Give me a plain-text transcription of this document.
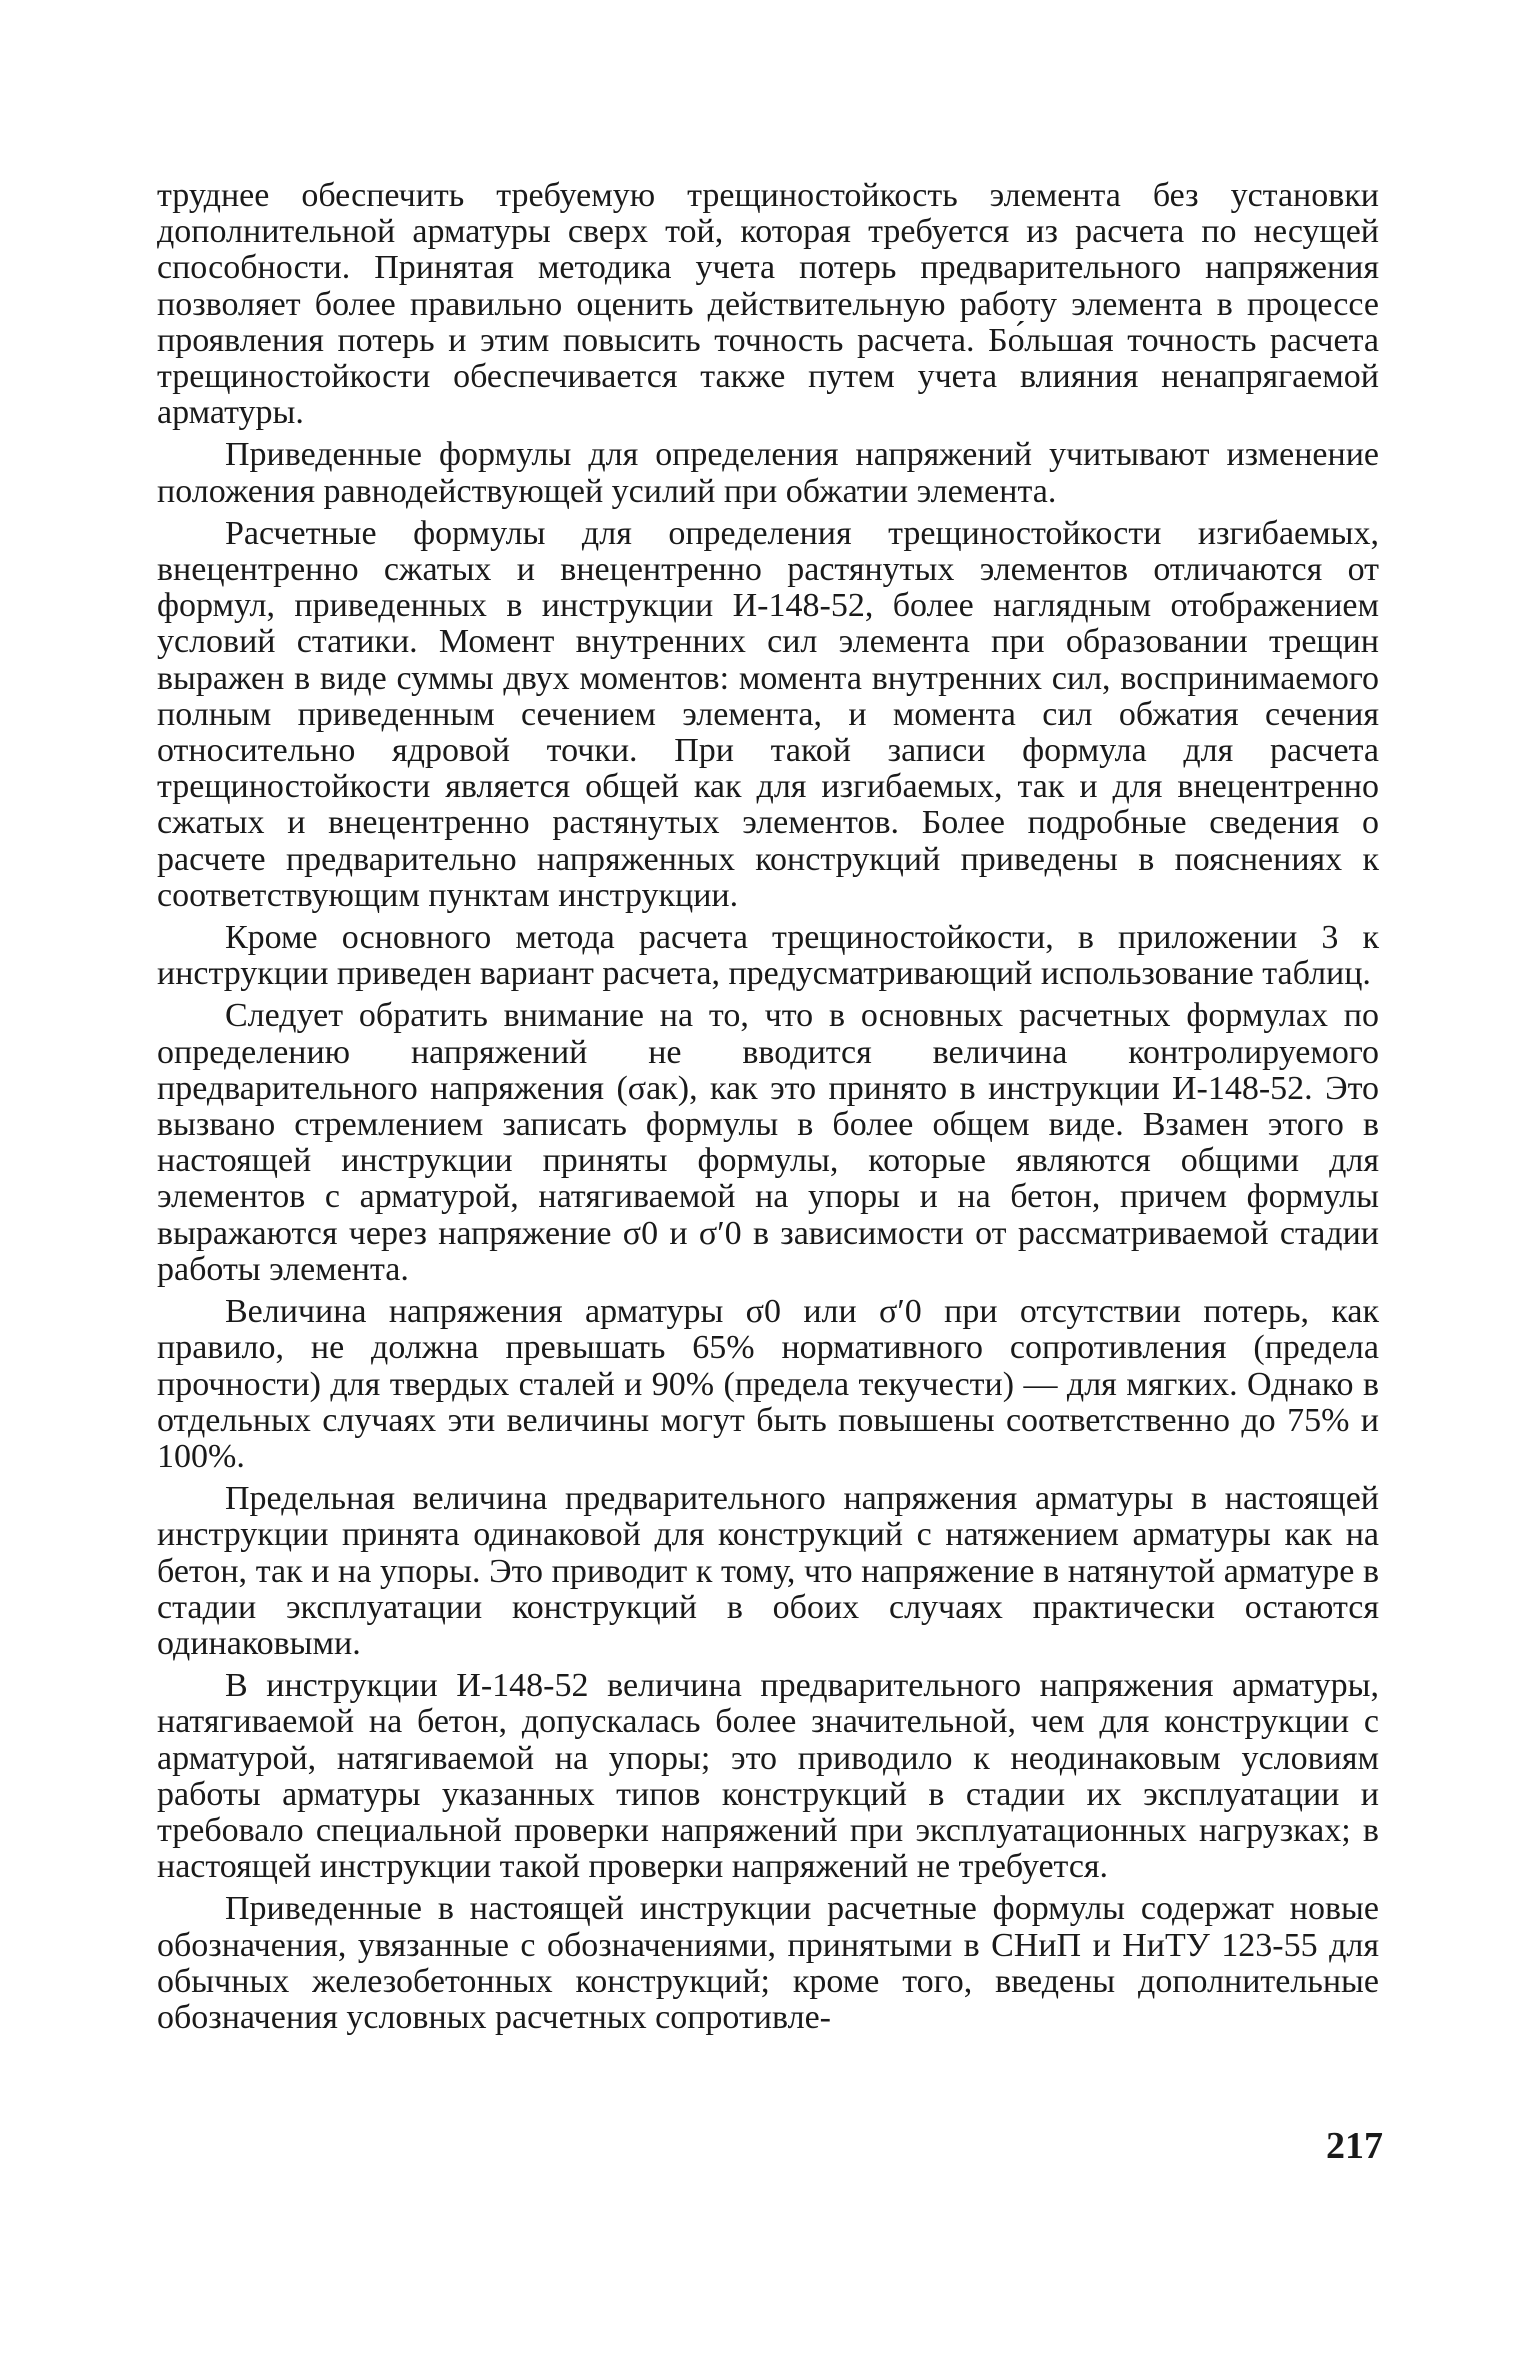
труднее обеспечить требуемую трещиностойкость элемента без установки дополнительной арматуры сверх той, которая требуется из расчета по несущей способности. Принятая методика учета потерь предварительного напряжения позволяет более правильно оценить действительную работу элемента в процессе проявления потерь и этим повысить точность расчета. Бо́льшая точность расчета трещиностойкости обеспечивается также путем учета влияния ненапрягаемой арматуры.

Приведенные формулы для определения напряжений учитывают изменение положения равнодействующей усилий при обжатии элемента.

Расчетные формулы для определения трещиностойкости изгибаемых, внецентренно сжатых и внецентренно растянутых элементов отличаются от формул, приведенных в инструкции И-148-52, более наглядным отображением условий статики. Момент внутренних сил элемента при образовании трещин выражен в виде суммы двух моментов: момента внутренних сил, воспринимаемого полным приведенным сечением элемента, и момента сил обжатия сечения относительно ядровой точки. При такой записи формула для расчета трещиностойкости является общей как для изгибаемых, так и для внецентренно сжатых и внецентренно растянутых элементов. Более подробные сведения о расчете предварительно напряженных конструкций приведены в пояснениях к соответствующим пунктам инструкции.

Кроме основного метода расчета трещиностойкости, в приложении 3 к инструкции приведен вариант расчета, предусматривающий использование таблиц.

Следует обратить внимание на то, что в основных расчетных формулах по определению напряжений не вводится величина контролируемого предварительного напряжения (σак), как это принято в инструкции И-148-52. Это вызвано стремлением записать формулы в более общем виде. Взамен этого в настоящей инструкции приняты формулы, которые являются общими для элементов с арматурой, натягиваемой на упоры и на бетон, причем формулы выражаются через напряжение σ0 и σ′0 в зависимости от рассматриваемой стадии работы элемента.

Величина напряжения арматуры σ0 или σ′0 при отсутствии потерь, как правило, не должна превышать 65% нормативного сопротивления (предела прочности) для твердых сталей и 90% (предела текучести) — для мягких. Однако в отдельных случаях эти величины могут быть повышены соответственно до 75% и 100%.

Предельная величина предварительного напряжения арматуры в настоящей инструкции принята одинаковой для конструкций с натяжением арматуры как на бетон, так и на упоры. Это приводит к тому, что напряжение в натянутой арматуре в стадии эксплуатации конструкций в обоих случаях практически остаются одинаковыми.

В инструкции И-148-52 величина предварительного напряжения арматуры, натягиваемой на бетон, допускалась более значительной, чем для конструкции с арматурой, натягиваемой на упоры; это приводило к неодинаковым условиям работы арматуры указанных типов конструкций в стадии их эксплуатации и требовало специальной проверки напряжений при эксплуатационных нагрузках; в настоящей инструкции такой проверки напряжений не требуется.

Приведенные в настоящей инструкции расчетные формулы содержат новые обозначения, увязанные с обозначениями, принятыми в СНиП и НиТУ 123-55 для обычных железобетонных конструкций; кроме того, введены дополнительные обозначения условных расчетных сопротивле-

217
